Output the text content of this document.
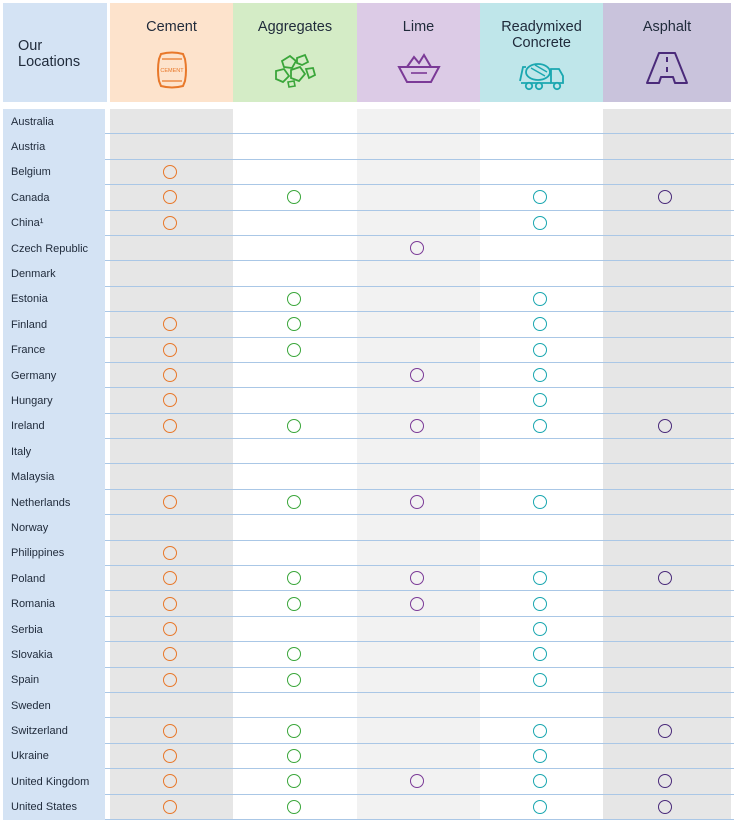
Our
Locations
Cement
CEMENT
Aggregates	Lime	Readymixed
Concrete
Asphalt
Australia
Austria
Belgium
Canada
China¹
Czech Republic
Denmark
Estonia
Finland
France
Germany
Hungary
Ireland
Italy
Malaysia
Netherlands
Norway
Philippines
Poland
Romania
Serbia
Slovakia
Spain
Sweden
Switzerland
Ukraine
United Kingdom
United States
